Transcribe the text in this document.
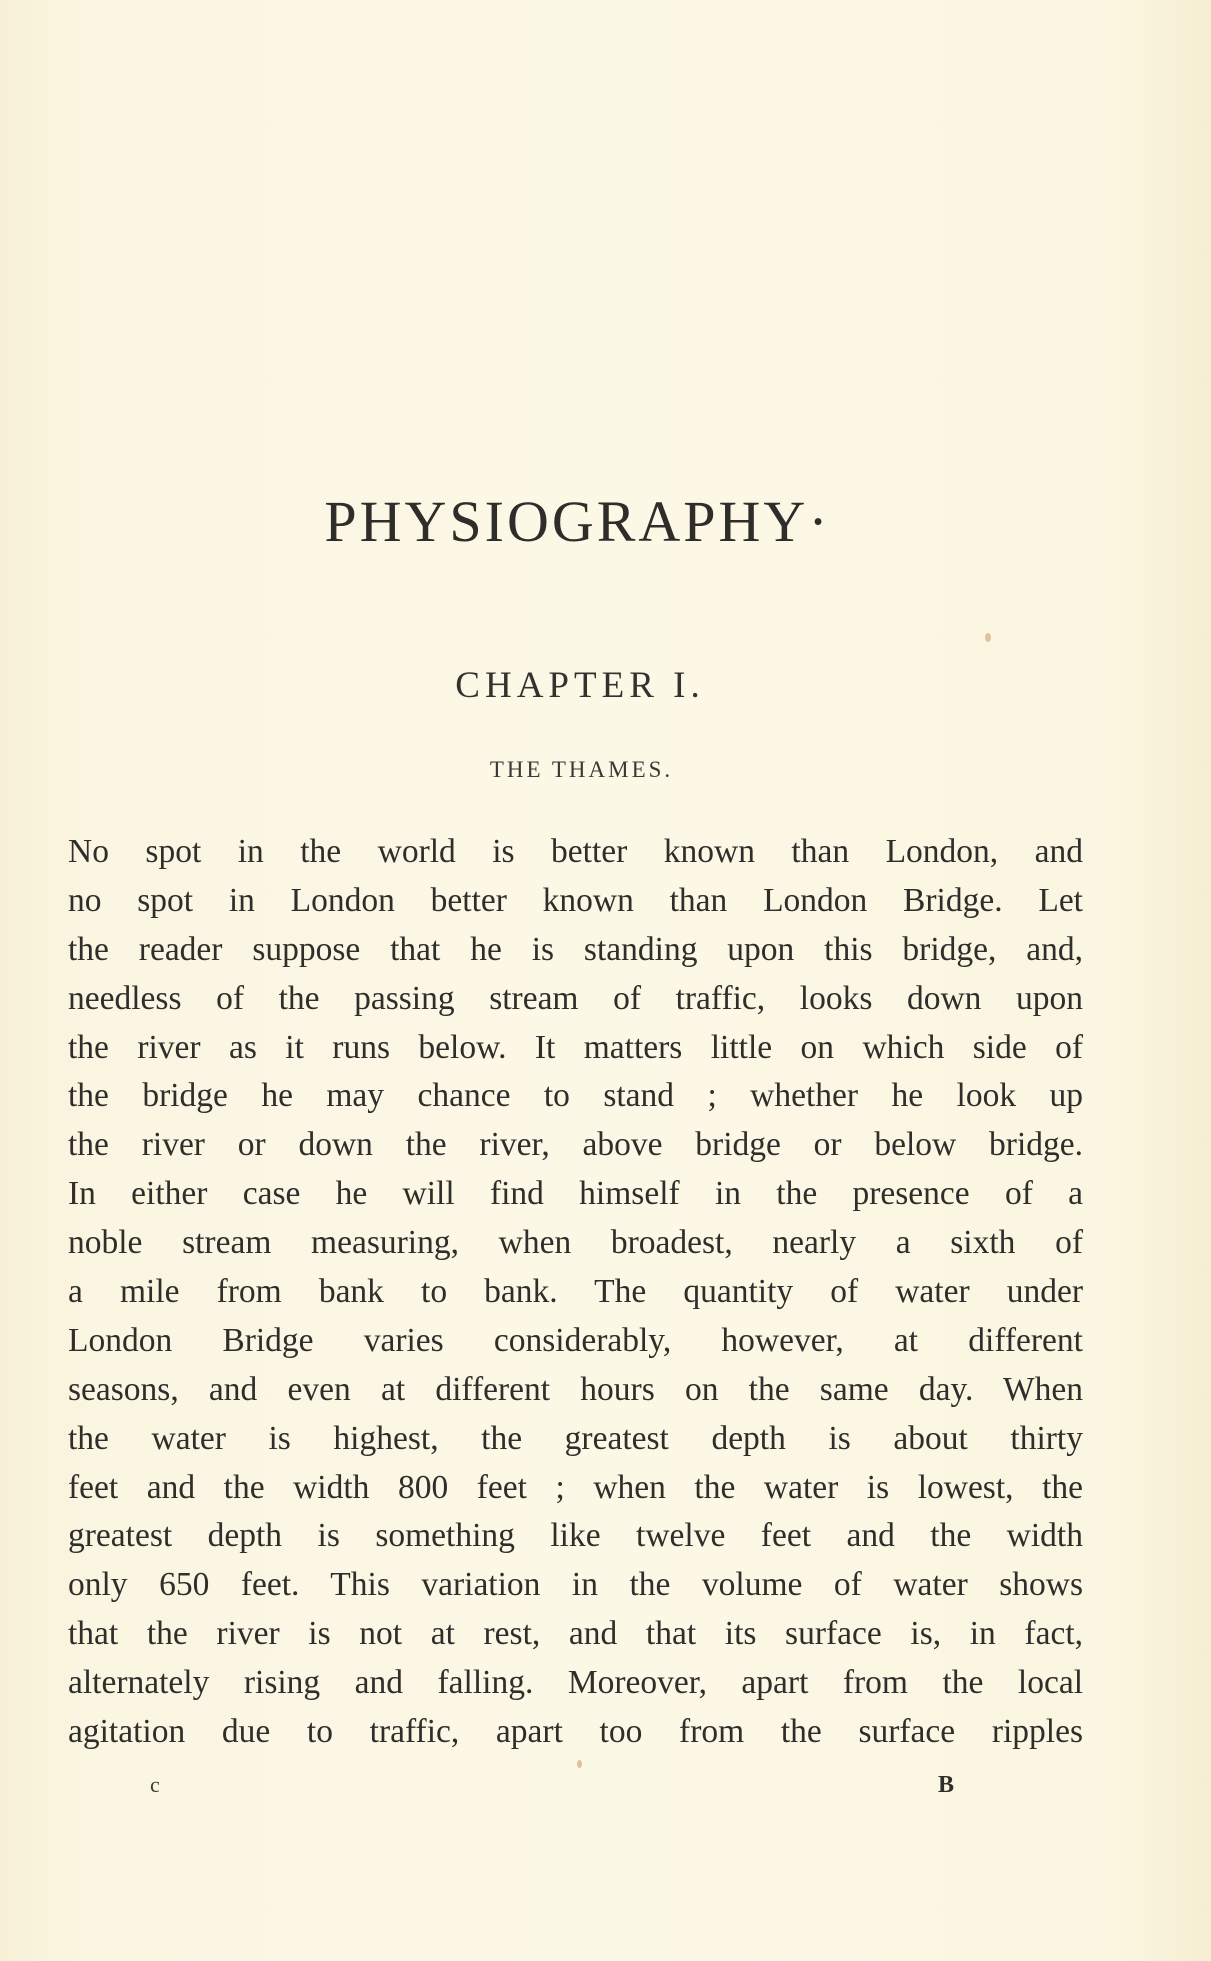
PHYSIOGRAPHY·
CHAPTER I.
THE THAMES.
No spot in the world is better known than London, and
no spot in London better known than London Bridge. Let
the reader suppose that he is standing upon this bridge, and,
needless of the passing stream of traffic, looks down upon
the river as it runs below. It matters little on which side of
the bridge he may chance to stand ; whether he look up
the river or down the river, above bridge or below bridge.
In either case he will find himself in the presence of a
noble stream measuring, when broadest, nearly a sixth of
a mile from bank to bank. The quantity of water under
London Bridge varies considerably, however, at different
seasons, and even at different hours on the same day. When
the water is highest, the greatest depth is about thirty
feet and the width 800 feet ; when the water is lowest, the
greatest depth is something like twelve feet and the width
only 650 feet. This variation in the volume of water shows
that the river is not at rest, and that its surface is, in fact,
alternately rising and falling. Moreover, apart from the local
agitation due to traffic, apart too from the surface ripples
c	B
